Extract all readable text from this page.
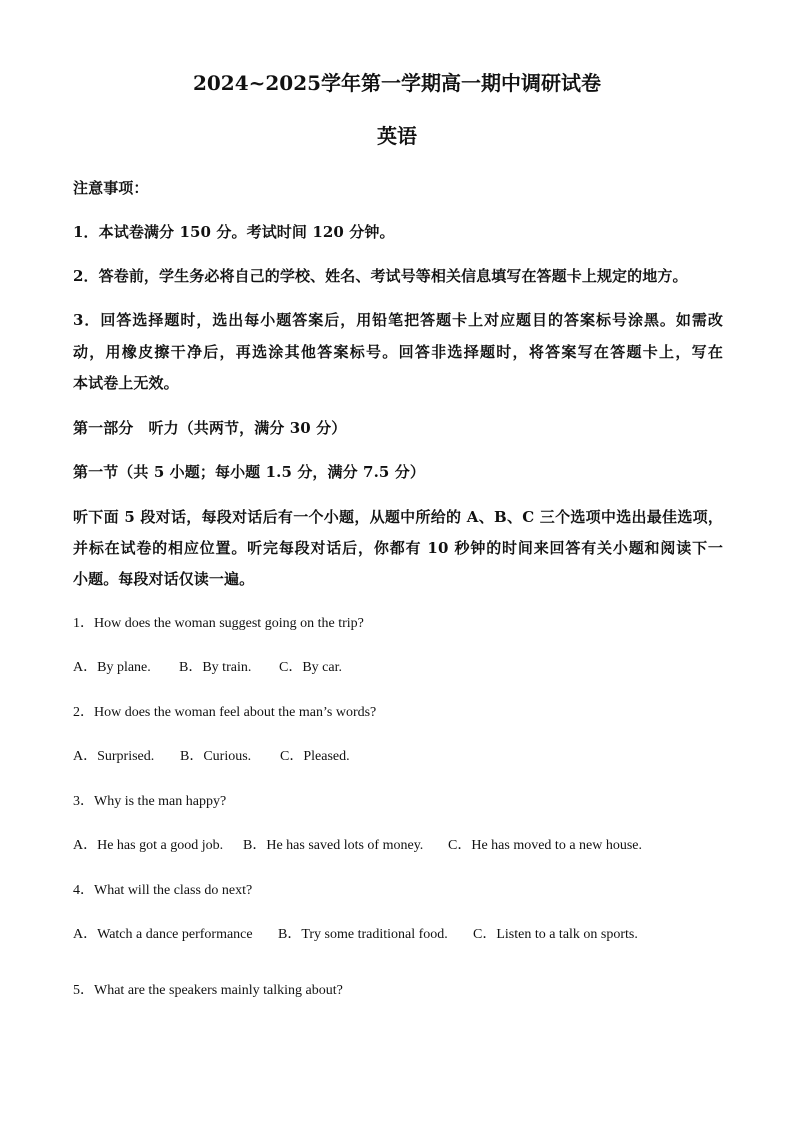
2024~2025学年第一学期高一期中调研试卷
英语
注意事项：
1．本试卷满分 150 分。考试时间 120 分钟。
2．答卷前，学生务必将自己的学校、姓名、考试号等相关信息填写在答题卡上规定的地方。
3．回答选择题时，选出每小题答案后，用铅笔把答题卡上对应题目的答案标号涂黑。如需改
动，用橡皮擦干净后，再选涂其他答案标号。回答非选择题时，将答案写在答题卡上，写在
本试卷上无效。
第一部分　听力（共两节，满分 30 分）
第一节（共 5 小题；每小题 1.5 分，满分 7.5 分）
听下面 5 段对话，每段对话后有一个小题，从题中所给的 A、B、C 三个选项中选出最佳选项，
并标在试卷的相应位置。听完每段对话后，你都有 10 秒钟的时间来回答有关小题和阅读下一
小题。每段对话仅读一遍。
1．How does the woman suggest going on the trip?
A．By plane. B．By train. C．By car.
2．How does the woman feel about the man’s words?
A．Surprised. B．Curious. C．Pleased.
3．Why is the man happy?
A．He has got a good job. B．He has saved lots of money. C．He has moved to a new house.
4．What will the class do next?
A．Watch a dance performance B．Try some traditional food. C．Listen to a talk on sports.
5．What are the speakers mainly talking about?
